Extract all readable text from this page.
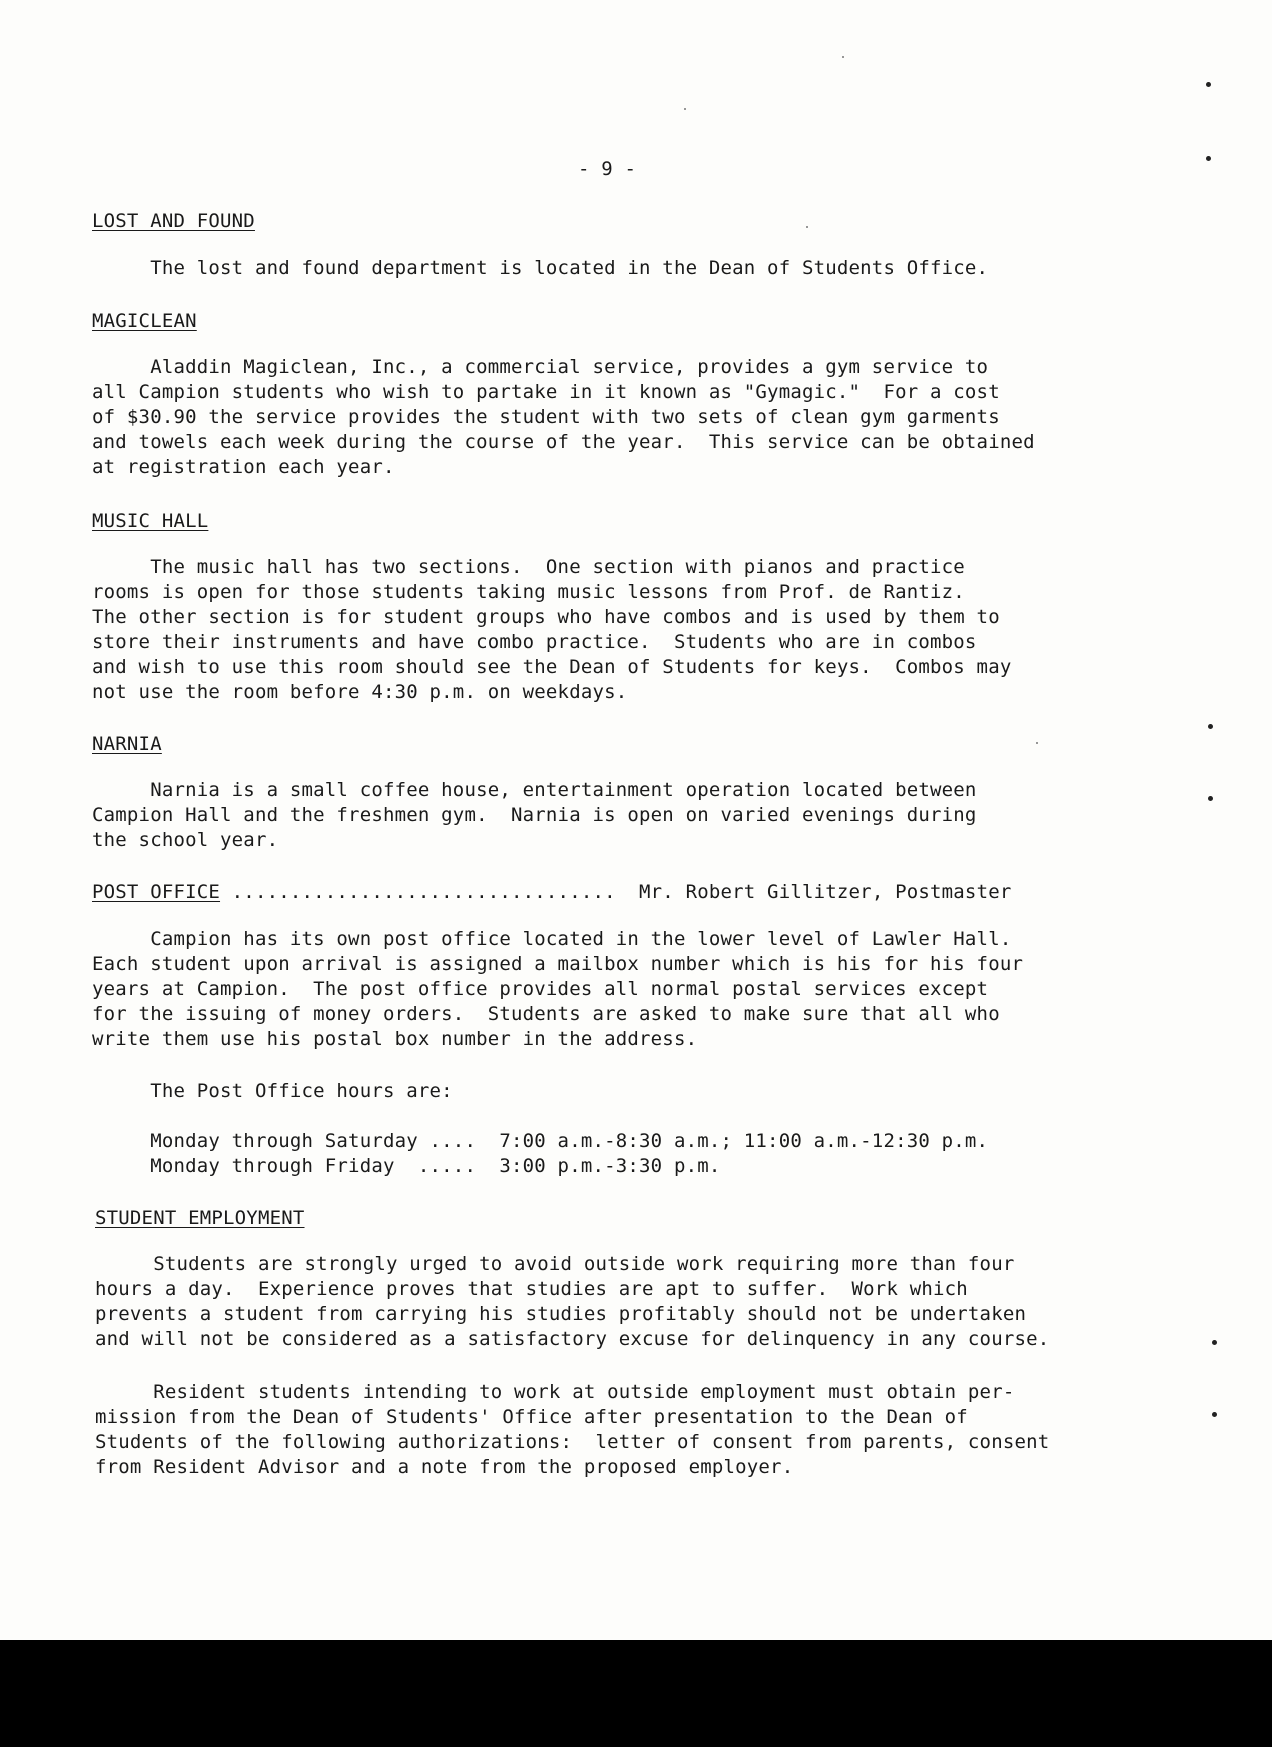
- 9 -
LOST AND FOUND
The lost and found department is located in the Dean of Students Office.
MAGICLEAN
Aladdin Magiclean, Inc., a commercial service, provides a gym service to
all Campion students who wish to partake in it known as "Gymagic."  For a cost
of $30.90 the service provides the student with two sets of clean gym garments
and towels each week during the course of the year.  This service can be obtained
at registration each year.
MUSIC HALL
The music hall has two sections.  One section with pianos and practice
rooms is open for those students taking music lessons from Prof. de Rantiz.
The other section is for student groups who have combos and is used by them to
store their instruments and have combo practice.  Students who are in combos
and wish to use this room should see the Dean of Students for keys.  Combos may
not use the room before 4:30 p.m. on weekdays.
NARNIA
Narnia is a small coffee house, entertainment operation located between
Campion Hall and the freshmen gym.  Narnia is open on varied evenings during
the school year.
POST OFFICE .................................  Mr. Robert Gillitzer, Postmaster
Campion has its own post office located in the lower level of Lawler Hall.
Each student upon arrival is assigned a mailbox number which is his for his four
years at Campion.  The post office provides all normal postal services except
for the issuing of money orders.  Students are asked to make sure that all who
write them use his postal box number in the address.
The Post Office hours are:
Monday through Saturday ....  7:00 a.m.-8:30 a.m.; 11:00 a.m.-12:30 p.m.
Monday through Friday  .....  3:00 p.m.-3:30 p.m.
STUDENT EMPLOYMENT
Students are strongly urged to avoid outside work requiring more than four
hours a day.  Experience proves that studies are apt to suffer.  Work which
prevents a student from carrying his studies profitably should not be undertaken
and will not be considered as a satisfactory excuse for delinquency in any course.
Resident students intending to work at outside employment must obtain per-
mission from the Dean of Students' Office after presentation to the Dean of
Students of the following authorizations:  letter of consent from parents, consent
from Resident Advisor and a note from the proposed employer.
